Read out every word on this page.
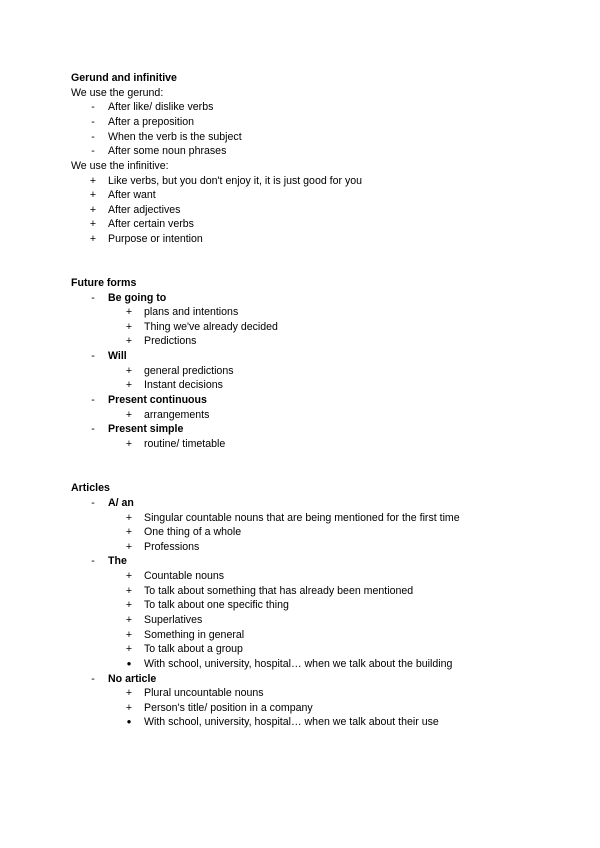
Gerund and infinitive
We use the gerund:
-	After like/ dislike verbs
-	After a preposition
-	When the verb is the subject
-	After some noun phrases
We use the infinitive:
+	Like verbs, but you don't enjoy it, it is just good for you
+	After want
+	After adjectives
+	After certain verbs
+	Purpose or intention
Future forms
-	Be going to
+	plans and intentions
+	Thing we've already decided
+	Predictions
-	Will
+	general predictions
+	Instant decisions
-	Present continuous
+	arrangements
-	Present simple
+	routine/ timetable
Articles
-	A/ an
+	Singular countable nouns that are being mentioned for the first time
+	One thing of a whole
+	Professions
-	The
+	Countable nouns
+	To talk about something that has already been mentioned
+	To talk about one specific thing
+	Superlatives
+	Something in general
+	To talk about a group
●	With school, university, hospital… when we talk about the building
-	No article
+	Plural uncountable nouns
+	Person's title/ position in a company
●	With school, university, hospital… when we talk about their use
